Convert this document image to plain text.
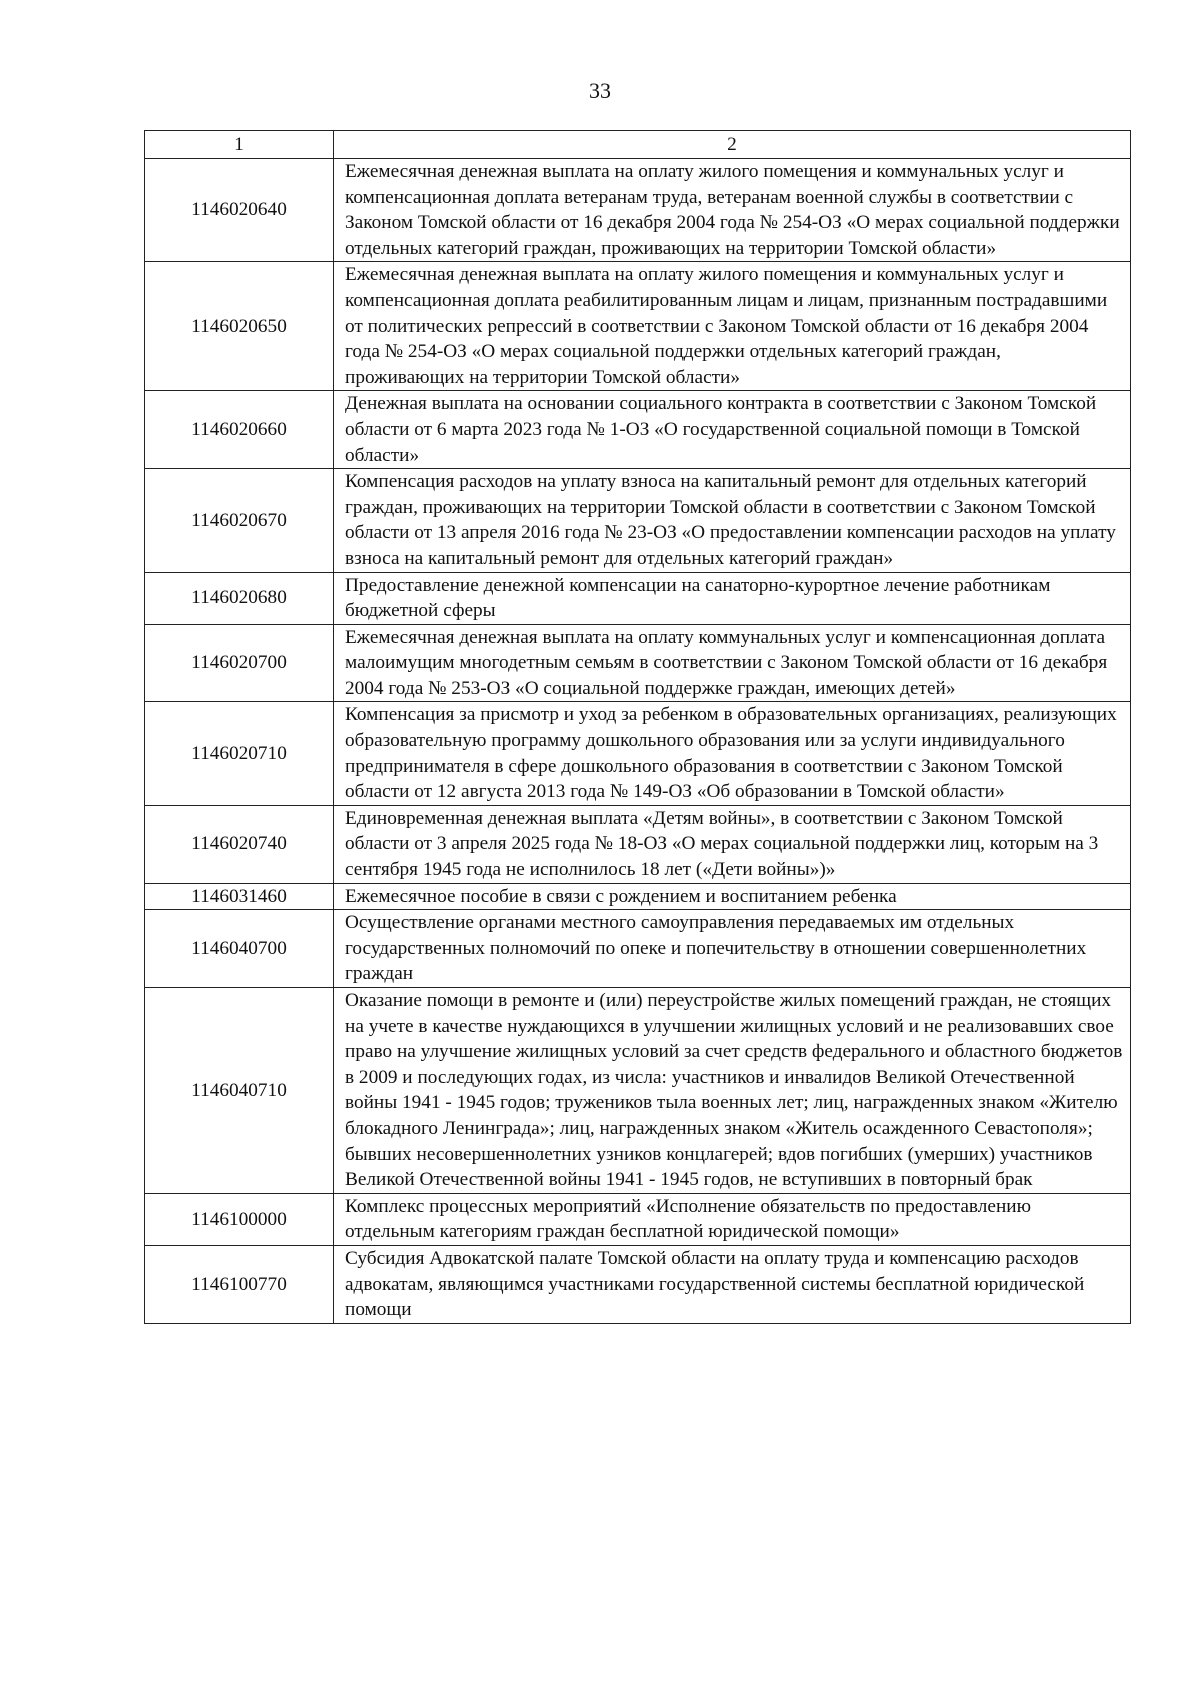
33
1	2
1146020640	Ежемесячная денежная выплата на оплату жилого помещения и коммунальных услуг и компенсационная доплата ветеранам труда, ветеранам военной службы в соответствии с Законом Томской области от 16 декабря 2004 года № 254-ОЗ «О мерах социальной поддержки отдельных категорий граждан, проживающих на территории Томской области»
1146020650	Ежемесячная денежная выплата на оплату жилого помещения и коммунальных услуг и компенсационная доплата реабилитированным лицам и лицам, признанным пострадавшими от политических репрессий в соответствии с Законом Томской области от 16 декабря 2004 года № 254-ОЗ «О мерах социальной поддержки отдельных категорий граждан, проживающих на территории Томской области»
1146020660	Денежная выплата на основании социального контракта в соответствии с Законом Томской области от 6 марта 2023 года № 1-ОЗ «О государственной социальной помощи в Томской области»
1146020670	Компенсация расходов на уплату взноса на капитальный ремонт для отдельных категорий граждан, проживающих на территории Томской области в соответствии с Законом Томской области от 13 апреля 2016 года № 23-ОЗ «О предоставлении компенсации расходов на уплату взноса на капитальный ремонт для отдельных категорий граждан»
1146020680	Предоставление денежной компенсации на санаторно-курортное лечение работникам бюджетной сферы
1146020700	Ежемесячная денежная выплата на оплату коммунальных услуг и компенсационная доплата малоимущим многодетным семьям в соответствии с Законом Томской области от 16 декабря 2004 года № 253-ОЗ «О социальной поддержке граждан, имеющих детей»
1146020710	Компенсация за присмотр и уход за ребенком в образовательных организациях, реализующих образовательную программу дошкольного образования или за услуги индивидуального предпринимателя в сфере дошкольного образования в соответствии с Законом Томской области от 12 августа 2013 года № 149-ОЗ «Об образовании в Томской области»
1146020740	Единовременная денежная выплата «Детям войны», в соответствии с Законом Томской области от 3 апреля 2025 года № 18-ОЗ «О мерах социальной поддержки лиц, которым на 3 сентября 1945 года не исполнилось 18 лет («Дети войны»)»
1146031460	Ежемесячное пособие в связи с рождением и воспитанием ребенка
1146040700	Осуществление органами местного самоуправления передаваемых им отдельных государственных полномочий по опеке и попечительству в отношении совершеннолетних граждан
1146040710	Оказание помощи в ремонте и (или) переустройстве жилых помещений граждан, не стоящих на учете в качестве нуждающихся в улучшении жилищных условий и не реализовавших свое право на улучшение жилищных условий за счет средств федерального и областного бюджетов в 2009 и последующих годах, из числа: участников и инвалидов Великой Отечественной войны 1941 - 1945 годов; тружеников тыла военных лет; лиц, награжденных знаком «Жителю блокадного Ленинграда»; лиц, награжденных знаком «Житель осажденного Севастополя»; бывших несовершеннолетних узников концлагерей; вдов погибших (умерших) участников Великой Отечественной войны 1941 - 1945 годов, не вступивших в повторный брак
1146100000	Комплекс процессных мероприятий «Исполнение обязательств по предоставлению отдельным категориям граждан бесплатной юридической помощи»
1146100770	Субсидия Адвокатской палате Томской области на оплату труда и компенсацию расходов адвокатам, являющимся участниками государственной системы бесплатной юридической помощи
